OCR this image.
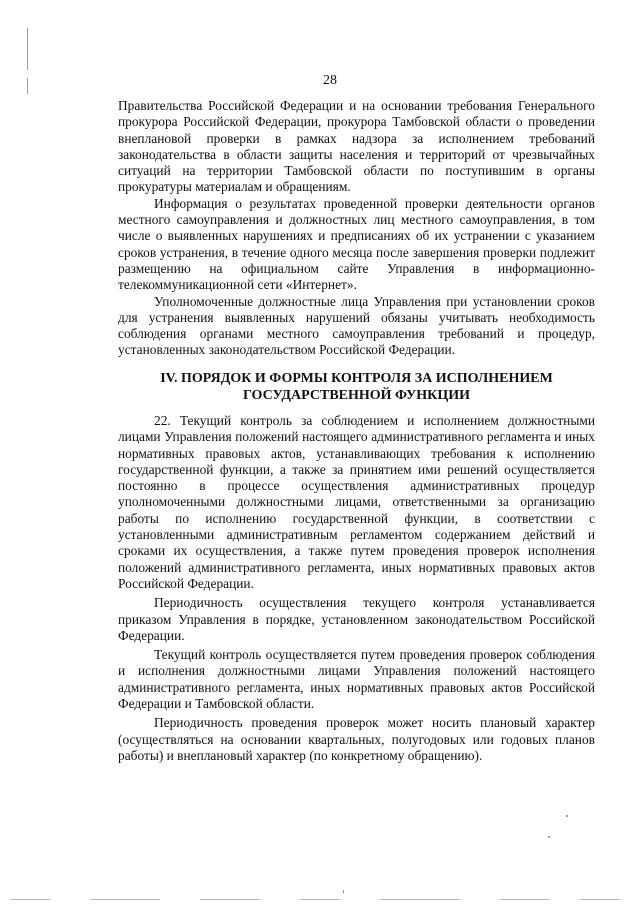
28

Правительства Российской Федерации и на основании требования Генерального прокурора Российской Федерации, прокурора Тамбовской области о проведении внеплановой проверки в рамках надзора за исполнением требований законодательства в области защиты населения и территорий от чрезвычайных ситуаций на территории Тамбовской области по поступившим в органы прокуратуры материалам и обращениям.

Информация о результатах проведенной проверки деятельности органов местного самоуправления и должностных лиц местного самоуправления, в том числе о выявленных нарушениях и предписаниях об их устранении с указанием сроков устранения, в течение одного месяца после завершения проверки подлежит размещению на официальном сайте Управления в информационно-телекоммуникационной сети «Интернет».

Уполномоченные должностные лица Управления при установлении сроков для устранения выявленных нарушений обязаны учитывать необходимость соблюдения органами местного самоуправления требований и процедур, установленных законодательством Российской Федерации.

IV. ПОРЯДОК И ФОРМЫ КОНТРОЛЯ ЗА ИСПОЛНЕНИЕМ
ГОСУДАРСТВЕННОЙ ФУНКЦИИ

22. Текущий контроль за соблюдением и исполнением должностными лицами Управления положений настоящего административного регламента и иных нормативных правовых актов, устанавливающих требования к исполнению государственной функции, а также за принятием ими решений осуществляется постоянно в процессе осуществления административных процедур уполномоченными должностными лицами, ответственными за организацию работы по исполнению государственной функции, в соответствии с установленными административным регламентом содержанием действий и сроками их осуществления, а также путем проведения проверок исполнения положений административного регламента, иных нормативных правовых актов Российской Федерации.

Периодичность осуществления текущего контроля устанавливается приказом Управления в порядке, установленном законодательством Российской Федерации.

Текущий контроль осуществляется путем проведения проверок соблюдения и исполнения должностными лицами Управления положений настоящего административного регламента, иных нормативных правовых актов Российской Федерации и Тамбовской области.

Периодичность проведения проверок может носить плановый характер (осуществляться на основании квартальных, полугодовых или годовых планов работы) и внеплановый характер (по конкретному обращению).
